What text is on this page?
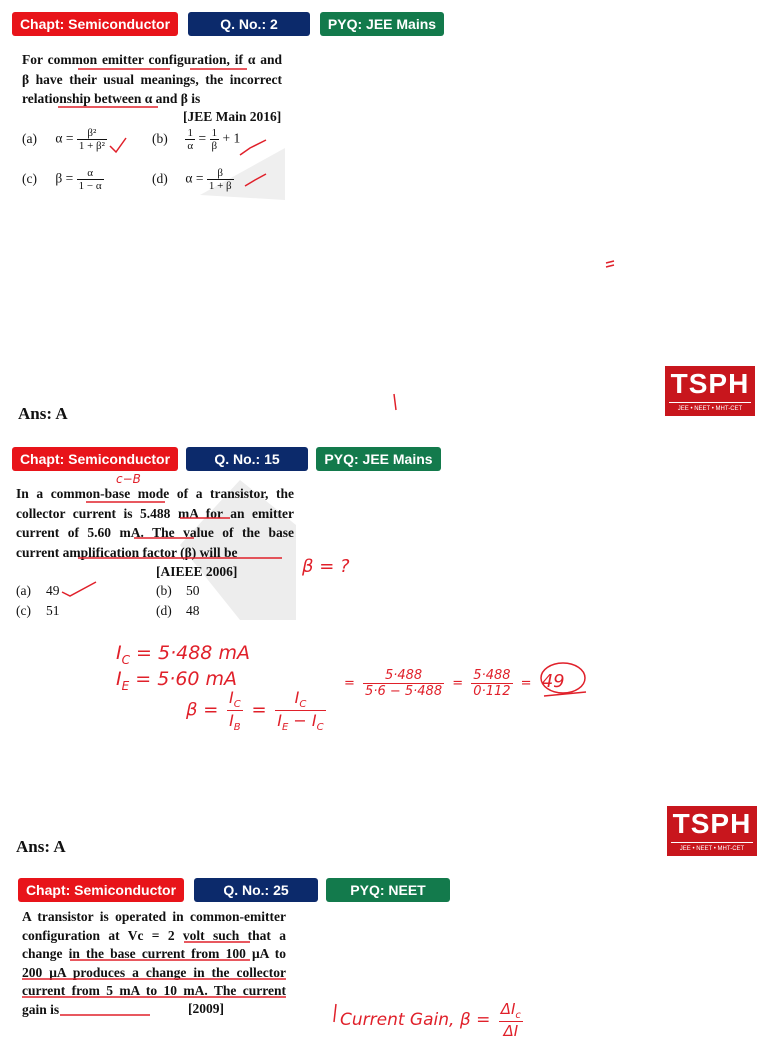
Chapt: Semiconductor	Q. No.: 2	PYQ: JEE Mains

For common emitter configuration, if α and β have their usual meanings, the incorrect relationship between α and β is

[JEE Main 2016]
(a) $\alpha = \frac{\text{β²}}{\text{1 + β²}}$	$(b) \frac{1}{\alpha} = \frac{1}{\beta} + 1$
(c) $\beta = \frac{\alpha}{1 - \alpha}$	(d) $\alpha = \frac{\beta}{1 + \beta}$
Ans: A
TSPH
JEE • NEET • MHT-CET
Chapt: Semiconductor	Q. No.: 15	PYQ: JEE Mains

In a common-base mode of a transistor, the collector current is 5.488 mA for an emitter current of 5.60 mA. The value of the base current amplification factor (β) will be

[AIEEE 2006]
(a) 49	(b) 50
(c) 51	(d) 48
c−B
β = ?
$I_C = 5\cdot 488$ mA
$I_E = 5\cdot 60$ mA
$\beta = \frac{I_C}{I_B} = \frac{I_C}{I_E - I_C}$
= $\frac{5\cdot 488}{5\cdot 6 - 5\cdot 488} = \frac{5\cdot 488}{0\cdot 112} = 49$
Ans: A
TSPH
JEE • NEET • MHT-CET
Chapt: Semiconductor	Q. No.: 25	PYQ: NEET

A transistor is operated in common-emitter configuration at Vc = 2 volt such that a change in the base current from 100 μA to 200 μA produces a change in the collector current from 5 mA to 10 mA. The current gain is	[2009]
Current Gain, $\beta = \frac{\Delta I_c}{\Delta I}$
